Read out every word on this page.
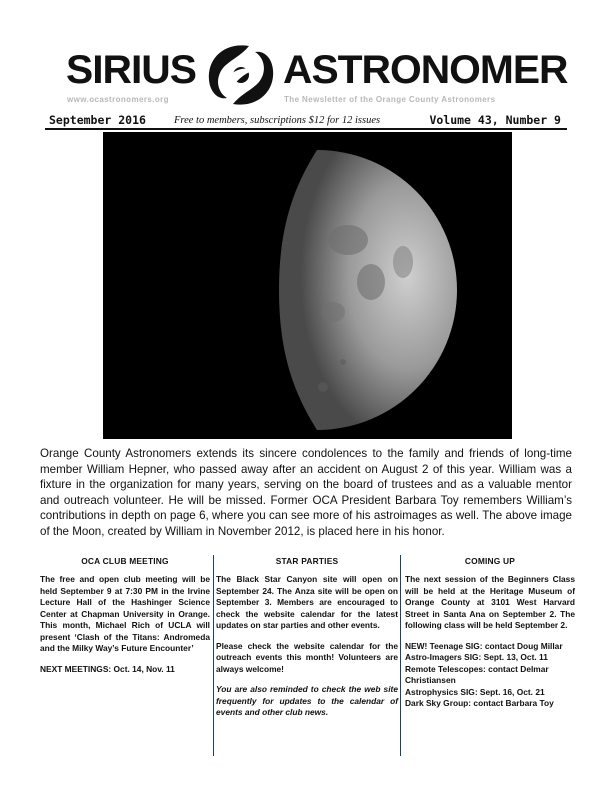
SIRIUS ASTRONOMER
www.ocastronomers.org	The Newsletter of the Orange County Astronomers
September 2016	Free to members, subscriptions $12 for 12 issues	Volume 43, Number 9
Orange County Astronomers extends its sincere condolences to the family and friends of long-time member William Hepner, who passed away after an accident on August 2 of this year. William was a fixture in the organization for many years, serving on the board of trustees and as a valuable mentor and outreach volunteer. He will be missed. Former OCA President Barbara Toy remembers William’s contributions in depth on page 6, where you can see more of his astroimages as well. The above image of the Moon, created by William in November 2012, is placed here in his honor.
OCA CLUB MEETING

The free and open club meeting will be held September 9 at 7:30 PM in the Irvine Lecture Hall of the Hashinger Science Center at Chapman University in Orange. This month, Michael Rich of UCLA will present ‘Clash of the Titans: Andromeda and the Milky Way’s Future Encounter’

NEXT MEETINGS: Oct. 14, Nov. 11

STAR PARTIES

The Black Star Canyon site will open on September 24. The Anza site will be open on September 3. Members are encouraged to check the website calendar for the latest updates on star parties and other events.

Please check the website calendar for the outreach events this month! Volunteers are always welcome!

You are also reminded to check the web site frequently for updates to the calendar of events and other club news.

COMING UP

The next session of the Beginners Class will be held at the Heritage Museum of Orange County at 3101 West Harvard Street in Santa Ana on September 2. The following class will be held September 2.

NEW! Teenage SIG: contact Doug Millar
Astro-Imagers SIG: Sept. 13, Oct. 11
Remote Telescopes: contact Delmar Christiansen
Astrophysics SIG: Sept. 16, Oct. 21
Dark Sky Group: contact Barbara Toy
